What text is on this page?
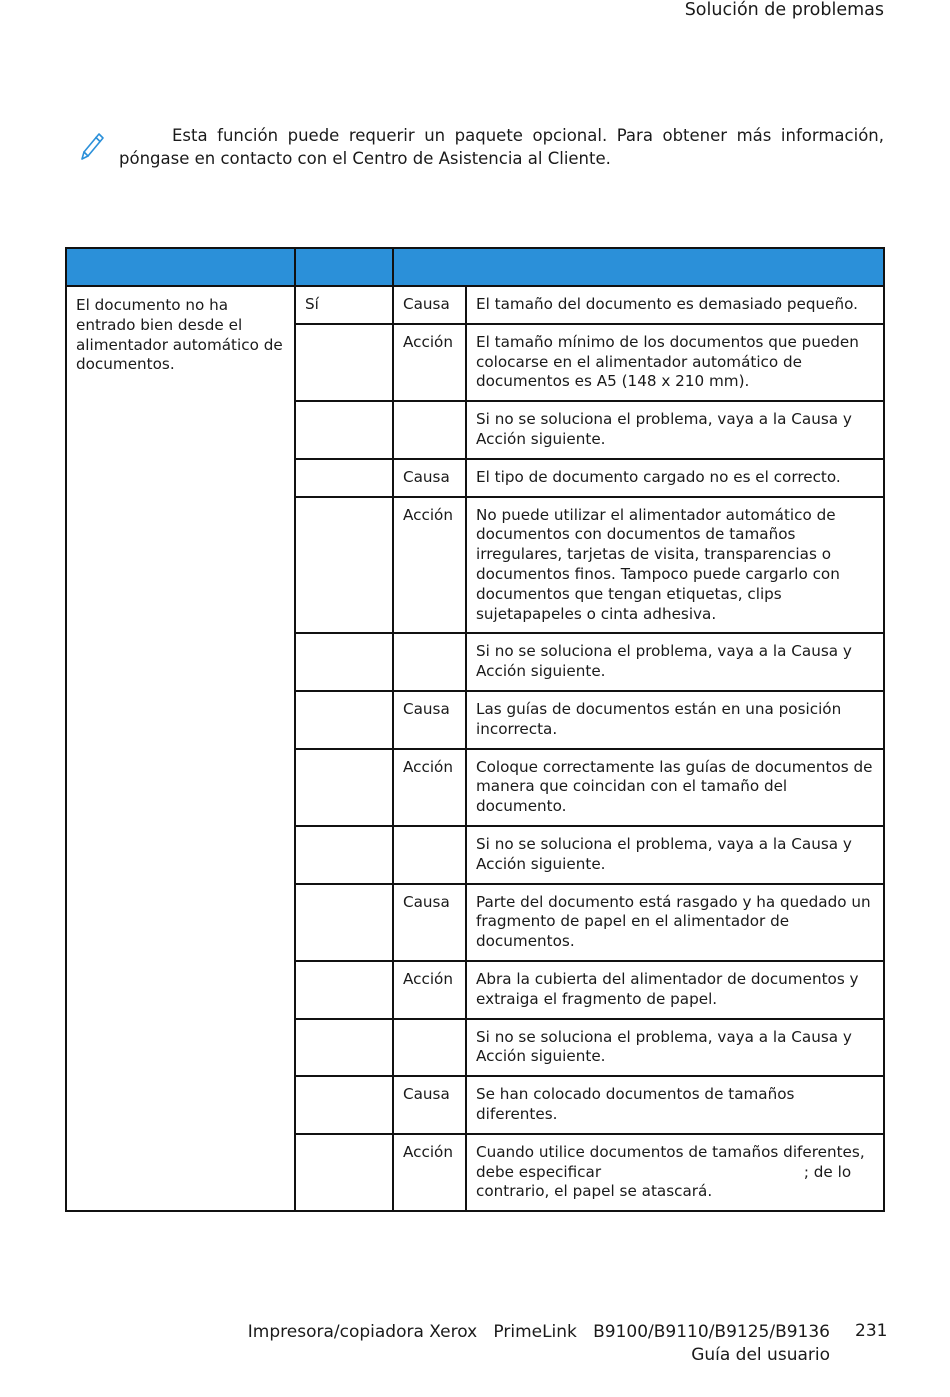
Solución de problemas
Esta función puede requerir un paquete opcional. Para obtener más información, póngase en contacto con el Centro de Asistencia al Cliente.

El documento no ha entrado bien desde el alimentador automático de documentos.	Sí	Causa	El tamaño del documento es demasiado pequeño.
		Acción	El tamaño mínimo de los documentos que pueden colocarse en el alimentador automático de documentos es A5 (148 x 210 mm).
			Si no se soluciona el problema, vaya a la Causa y Acción siguiente.
		Causa	El tipo de documento cargado no es el correcto.
		Acción	No puede utilizar el alimentador automático de documentos con documentos de tamaños irregulares, tarjetas de visita, transparencias o documentos finos. Tampoco puede cargarlo con documentos que tengan etiquetas, clips sujetapapeles o cinta adhesiva.
			Si no se soluciona el problema, vaya a la Causa y Acción siguiente.
		Causa	Las guías de documentos están en una posición incorrecta.
		Acción	Coloque correctamente las guías de documentos de manera que coincidan con el tamaño del documento.
			Si no se soluciona el problema, vaya a la Causa y Acción siguiente.
		Causa	Parte del documento está rasgado y ha quedado un fragmento de papel en el alimentador de documentos.
		Acción	Abra la cubierta del alimentador de documentos y extraiga el fragmento de papel.
			Si no se soluciona el problema, vaya a la Causa y Acción siguiente.
		Causa	Se han colocado documentos de tamaños diferentes.
		Acción	Cuando utilice documentos de tamaños diferentes, debe especificar                                          ; de lo contrario, el papel se atascará.
Impresora/copiadora Xerox   PrimeLink   B9100/B9110/B9125/B9136
Guía del usuario
231
